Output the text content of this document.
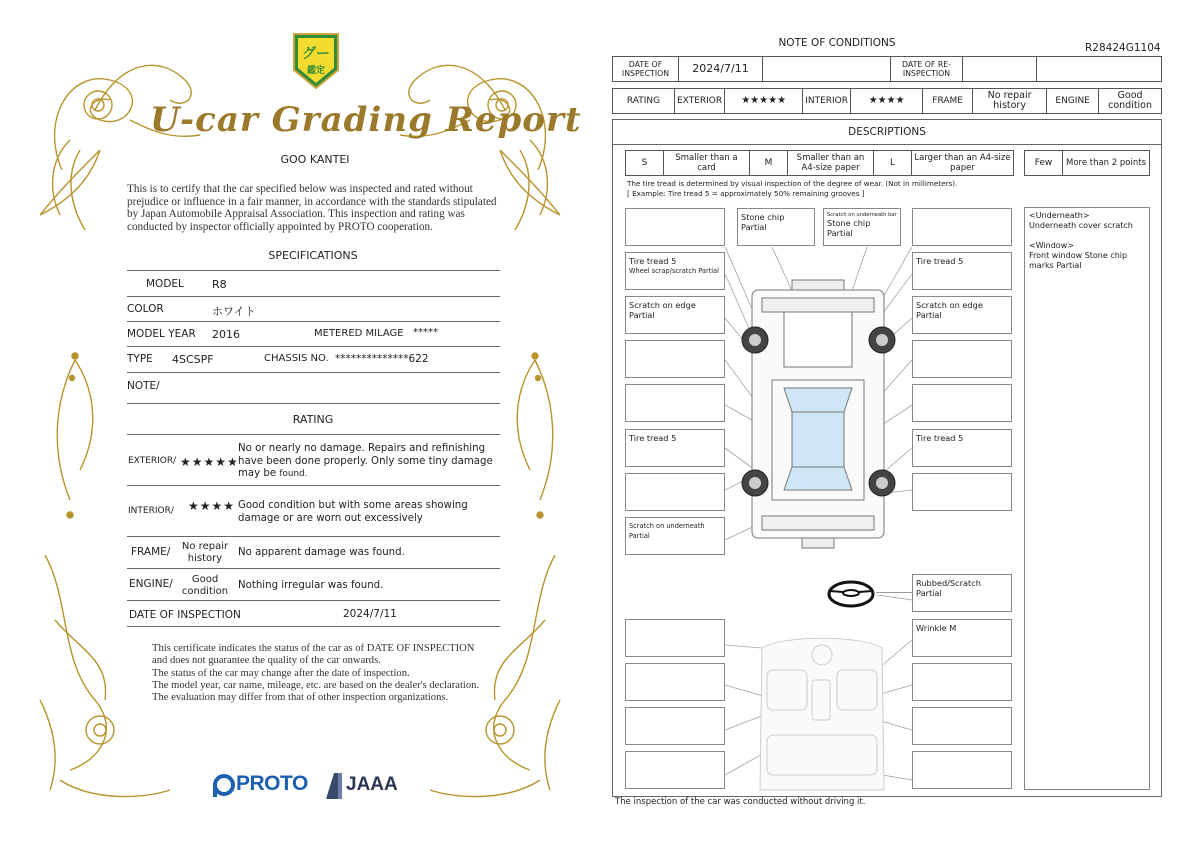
グー
鑑定
U-car Grading Report
GOO KANTEI
This is to certify that the car specified below was inspected and rated without prejudice or influence in a fair manner, in accordance with the standards stipulated by Japan Automobile Appraisal Association. This inspection and rating was conducted by inspector officially appointed by PROTO cooperation.
SPECIFICATIONS
MODEL	R8
COLOR	ホワイト
MODEL YEAR 2016	METERED MILAGE *****
TYPE 4SCSPF	CHASSIS NO. **************622
NOTE/
RATING
EXTERIOR/ ★★★★★
No or nearly no damage. Repairs and refinishing have been done properly. Only some tiny damage may be found.
INTERIOR/ ★★★★ Good condition but with some areas showing damage or are worn out excessively
FRAME/	No repair history
No apparent damage was found.
ENGINE/	Good condition
Nothing irregular was found.
DATE OF INSPECTION	2024/7/11
This certificate indicates the status of the car as of DATE OF INSPECTION and does not guarantee the quality of the car onwards.
The status of the car may change after the date of inspection.
The model year, car name, mileage, etc. are based on the dealer's declaration.
The evaluation may differ from that of other inspection organizations.
PROTO JAAA
NOTE OF CONDITIONS	R28424G1104
DATE OF INSPECTION	2024/7/11		DATE OF RE-INSPECTION		
RATING	EXTERIOR	★★★★★	INTERIOR	★★★★	FRAME	No repair history	ENGINE	Good condition
DESCRIPTIONS
S	Smaller than a card	M	Smaller than an A4-size paper	L	Larger than an A4-size paper	Few	More than 2 points
The tire tread is determined by visual inspection of the degree of wear. (Not in millimeters).
[ Example: Tire tread 5 = approximately 50% remaining grooves ]
Tire tread 5
Wheel scrap/scratch Partial
Scratch on edge Partial
Tire tread 5
Scratch on underneath Partial
Stone chip Partial
Scratch on underneath bar
Stone chip Partial
Tire tread 5
Scratch on edge Partial
Tire tread 5
Rubbed/Scratch Partial
Wrinkle M
<Underneath>
Underneath cover scratch
<Window>
Front window Stone chip marks Partial
The inspection of the car was conducted without driving it.
